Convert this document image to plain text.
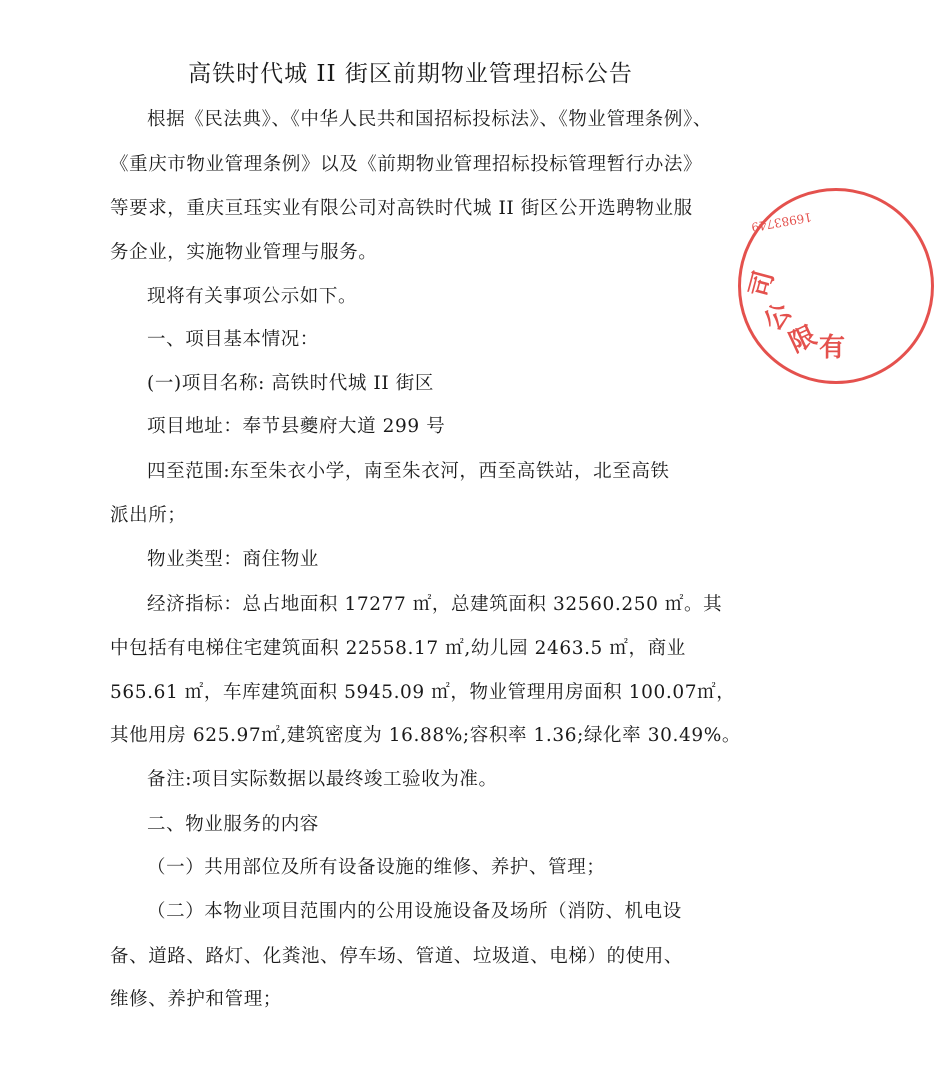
高铁时代城 II 街区前期物业管理招标公告
根据《民法典》、《中华人民共和国招标投标法》、《物业管理条例》、
《重庆市物业管理条例》以及《前期物业管理招标投标管理暂行办法》
等要求，重庆亘珏实业有限公司对高铁时代城 II 街区公开选聘物业服
务企业，实施物业管理与服务。
现将有关事项公示如下。
一、项目基本情况：
(一)项目名称: 高铁时代城 II 街区
项目地址：奉节县夔府大道 299 号
四至范围:东至朱衣小学，南至朱衣河，西至高铁站，北至高铁
派出所；
物业类型：商住物业
经济指标：总占地面积 17277 ㎡，总建筑面积 32560.250 ㎡。其
中包括有电梯住宅建筑面积 22558.17 ㎡,幼儿园 2463.5 ㎡，商业
565.61 ㎡，车库建筑面积 5945.09 ㎡，物业管理用房面积 100.07㎡，
其他用房 625.97㎡,建筑密度为 16.88%;容积率 1.36;绿化率 30.49%。
备注:项目实际数据以最终竣工验收为准。
二、物业服务的内容
（一）共用部位及所有设备设施的维修、养护、管理；
（二）本物业项目范围内的公用设施设备及场所（消防、机电设
备、道路、路灯、化粪池、停车场、管道、垃圾道、电梯）的使用、
维修、养护和管理；
司
公
限
有
16983749
